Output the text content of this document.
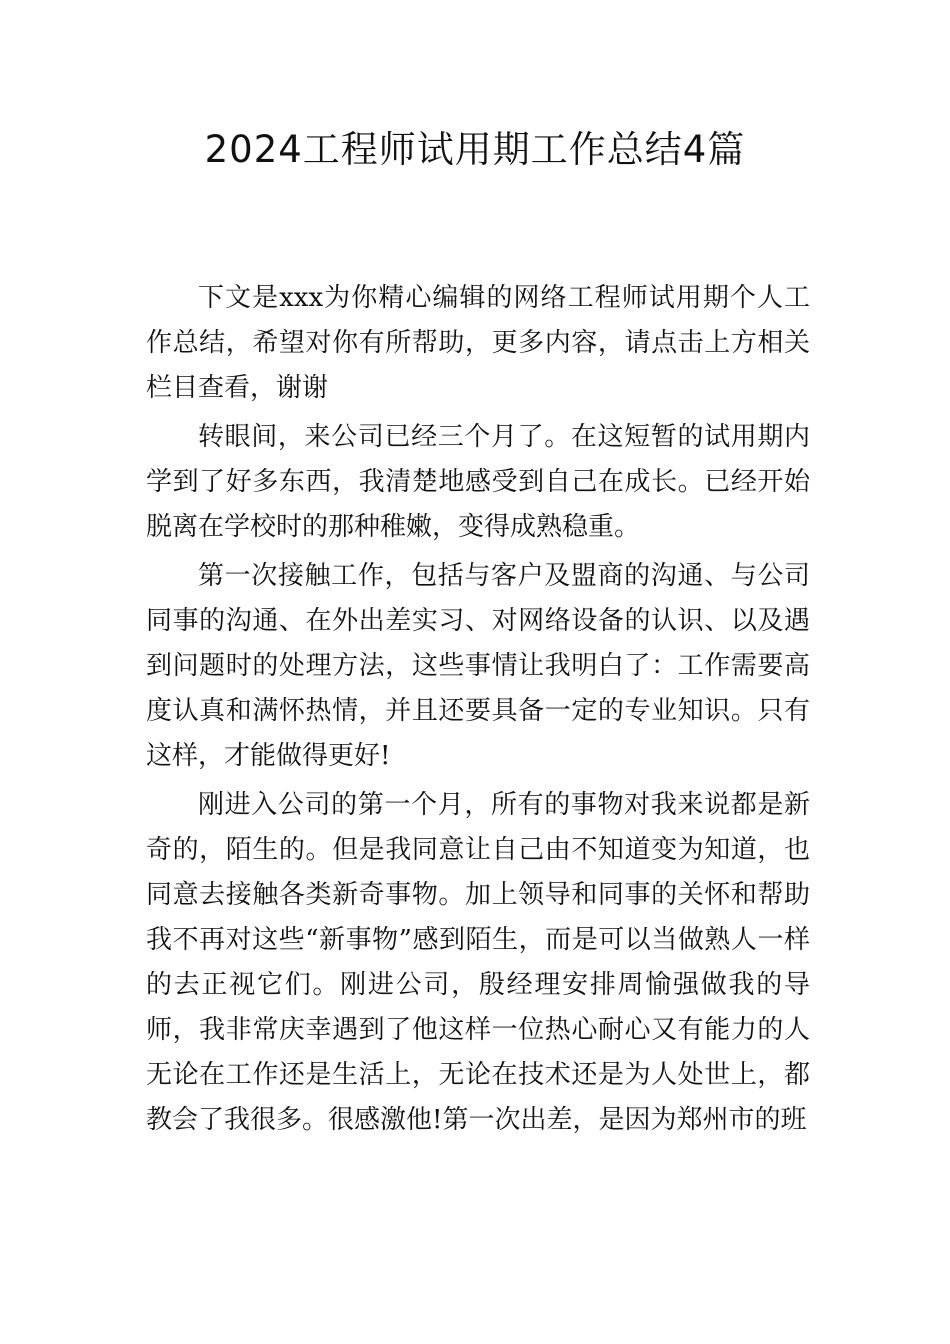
2024工程师试用期工作总结4篇

下文是xxx为你精心编辑的网络工程师试用期个人工作总结，希望对你有所帮助，更多内容，请点击上方相关栏目查看，谢谢

转眼间，来公司已经三个月了。在这短暂的试用期内学到了好多东西，我清楚地感受到自己在成长。已经开始脱离在学校时的那种稚嫩，变得成熟稳重。

第一次接触工作，包括与客户及盟商的沟通、与公司同事的沟通、在外出差实习、对网络设备的认识、以及遇到问题时的处理方法，这些事情让我明白了：工作需要高度认真和满怀热情，并且还要具备一定的专业知识。只有这样，才能做得更好!

刚进入公司的第一个月，所有的事物对我来说都是新奇的，陌生的。但是我同意让自己由不知道变为知道，也同意去接触各类新奇事物。加上领导和同事的关怀和帮助我不再对这些“新事物”感到陌生，而是可以当做熟人一样的去正视它们。刚进公司，殷经理安排周愉强做我的导师，我非常庆幸遇到了他这样一位热心耐心又有能力的人无论在工作还是生活上，无论在技术还是为人处世上，都教会了我很多。很感激他!第一次出差，是因为郑州市的班
